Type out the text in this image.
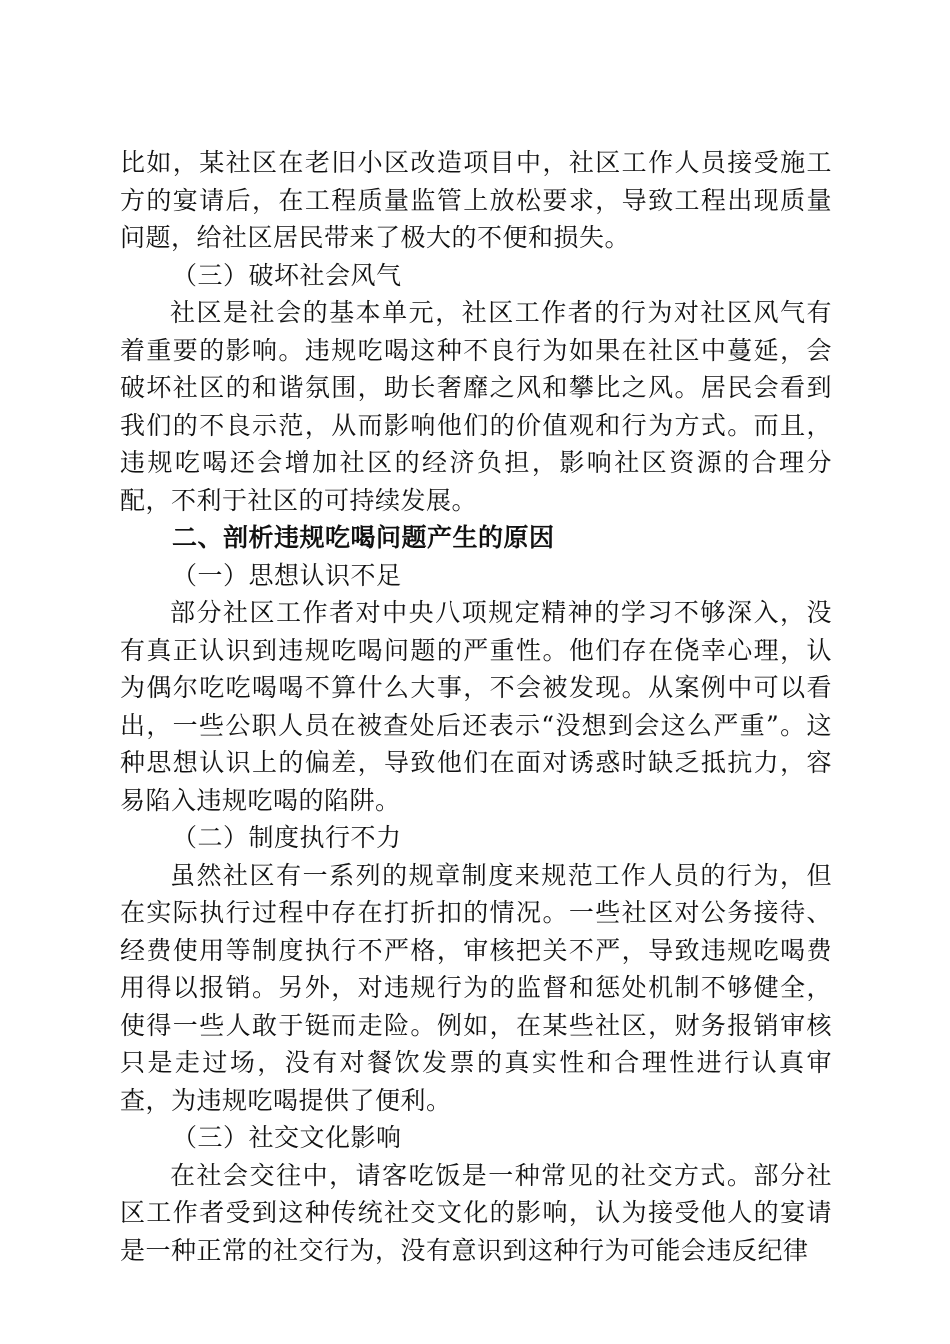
比如，某社区在老旧小区改造项目中，社区工作人员接受施工方的宴请后，在工程质量监管上放松要求，导致工程出现质量问题，给社区居民带来了极大的不便和损失。

（三）破坏社会风气

社区是社会的基本单元，社区工作者的行为对社区风气有着重要的影响。违规吃喝这种不良行为如果在社区中蔓延，会破坏社区的和谐氛围，助长奢靡之风和攀比之风。居民会看到我们的不良示范，从而影响他们的价值观和行为方式。而且，违规吃喝还会增加社区的经济负担，影响社区资源的合理分配，不利于社区的可持续发展。

二、剖析违规吃喝问题产生的原因

（一）思想认识不足

部分社区工作者对中央八项规定精神的学习不够深入，没有真正认识到违规吃喝问题的严重性。他们存在侥幸心理，认为偶尔吃吃喝喝不算什么大事，不会被发现。从案例中可以看出，一些公职人员在被查处后还表示“没想到会这么严重”。这种思想认识上的偏差，导致他们在面对诱惑时缺乏抵抗力，容易陷入违规吃喝的陷阱。

（二）制度执行不力

虽然社区有一系列的规章制度来规范工作人员的行为，但在实际执行过程中存在打折扣的情况。一些社区对公务接待、经费使用等制度执行不严格，审核把关不严，导致违规吃喝费用得以报销。另外，对违规行为的监督和惩处机制不够健全，使得一些人敢于铤而走险。例如，在某些社区，财务报销审核只是走过场，没有对餐饮发票的真实性和合理性进行认真审查，为违规吃喝提供了便利。

（三）社交文化影响

在社会交往中，请客吃饭是一种常见的社交方式。部分社区工作者受到这种传统社交文化的影响，认为接受他人的宴请是一种正常的社交行为，没有意识到这种行为可能会违反纪律
